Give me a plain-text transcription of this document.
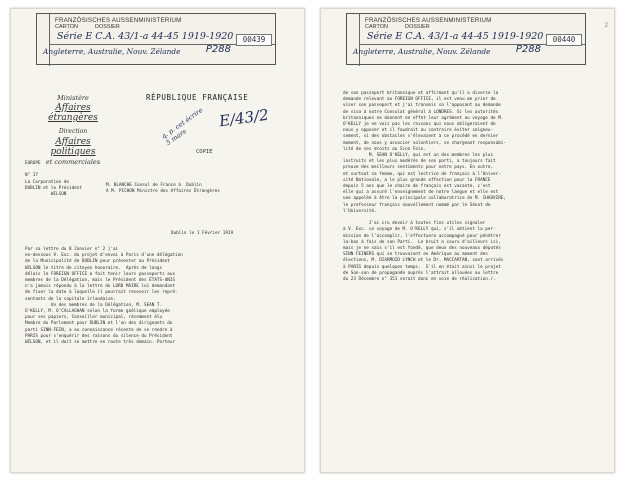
FRANZÖSISCHES AUSSENMINISTERIUM
CARTON	DOSSIER
Série E C.A. 43/1-a 44-45 1919-1920
Angleterre, Australie, Nouv. Zélande	P288
00439
Ministère
Affaires étrangères
Direction
Affaires politiques
et commerciales
RÉPUBLIQUE FRANÇAISE
q. p. cet écrire
5 mars
E/43/2
COPIE
EUROPE

N° 17
La Corporation de
DUBLIN et le Président
WILSON
M. BLANCHE Consul de France à  Dublin
A M. PICHON Ministre des Affaires Étrangères
Dublin le 1 Février 1919
Par sa lettre du 8 Janvier n° 2 j'ai
en-dessous V. Exc. du projet d'envoi à Paris d'une délégation
de la Municipalité de DUBLIN pour présenter au Président
WILSON le titre de citoyen honoraire.  Après de longs
délais le FOREIGN OFFICE a fait tenir leurs passeports aux
membres de la Délégation, mais le Président des ÉTATS-UNIS
n'a jamais répondu à la lettre du LORD MAIRE lui demandant
de fixer la date à laquelle il pourrait recevoir les repré-
sentants de la capitale irlandaise.
Un des membres de la Délégation, M. SEAN T.
O'KELLY, M. O'CALLAGHAN selon la forme gaélique employée
pour ses papiers, Conseiller municipal, récemment élu
Membre du Parlement pour DUBLIN et l'un des dirigeants du
parti SINN-FEIN, a eu connaissance récente de se rendre à
PARIS pour s'enquérir des raisons du silence du Président
WILSON, et il doit se mettre en route très demain. Porteur
FRANZÖSISCHES AUSSENMINISTERIUM
CARTON	DOSSIER
Série E C.A. 43/1-a 44-45 1919-1920
Angleterre, Australie, Nouv. Zélande	P288
00440
2
de son passeport britannique et affirmant qu'il a diverse la
demande relevant au FOREIGN OFFICE, il est venu me prier de
viser son passeport et j'ai transmis sa l'apposant au demande
de visa à notre Consulat général à LONDRES. Si les autorités
britanniques ne donnent en effet leur agrément au voyage de M.
O'KELLY je ne vois pas les raisons qui nous obligeraient de
nous y opposer et il faudrait au contraire éviter soigneu-
sement, si des obstacles s'élevaient à ce procédé en dernier
moment, de nous y associer volontiers, se chargeant responsabi-
lité de ses droits au Sinn Fein.
M. SEAN O'KELLY, qui est un des membres les plus
instruits et les plus modérés de son parti, a toujours fait
preuve des meilleurs sentiments pour notre pays. En outre,
et surtout sa femme, qui est lectrice de français à l'Univer-
sité Nationale, a le plus grande affection pour la FRANCE
depuis 5 ans que le chaire de français est vacante, c'est
elle qui a assuré l'enseignement de notre langue et elle est
une appelée à être la principale collaboratrice de M. CHAUVIRE,
le professeur français nouvellement nommé par le Sénat de
l'Université.

J'ai cru devoir à toutes fins utiles signaler
à V. Exc. ce voyage de M. O'KELLY qui, s'il obtient la per-
mission de l'accomplir, l'effectuera accompagné pour pénétrer
la-bas à fois de son Parti.  Le bruit a couru d'ailleurs ici,
mais je ne sais s'il est fondé, que deux des nouveaux députés
SINN FEINERS qui se trouvaient en Amérique au moment des
élections, M. DIARMUID LYNCH et le Dr. MACCARTAN, sont arrivés
à PARIS depuis quelques temps.  S'il en était ainsi le projet
de Son-son de propagande auprès l'attrait allouées au lettre
du 23 Décembre n° 351 serait donc en voie de réalisation./.
